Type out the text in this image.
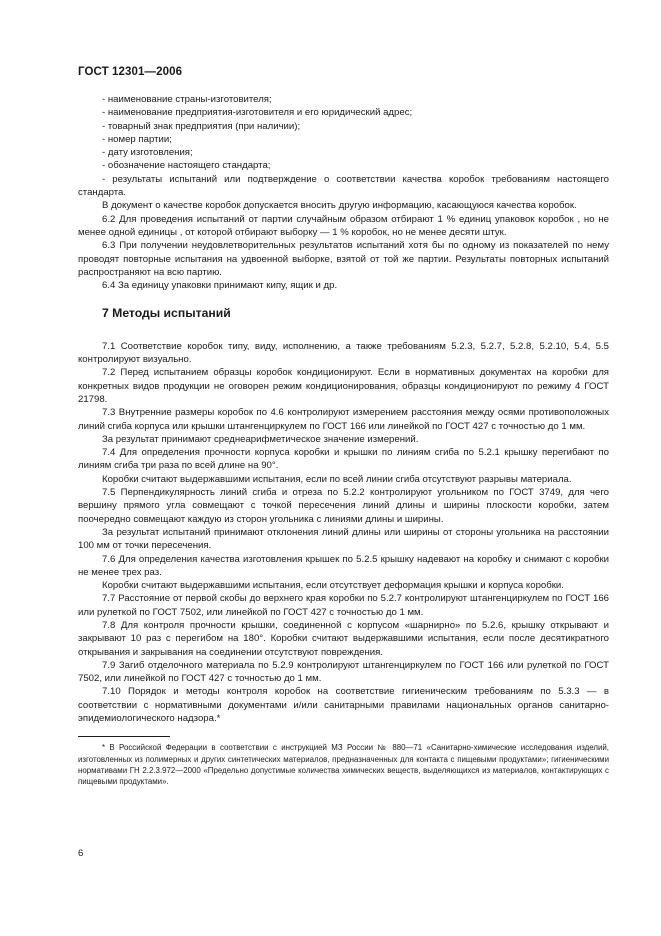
ГОСТ 12301—2006

- наименование страны-изготовителя;

- наименование предприятия-изготовителя и его юридический адрес;

- товарный знак предприятия (при наличии);

- номер партии;

- дату изготовления;

- обозначение настоящего стандарта;

- результаты испытаний или подтверждение о соответствии качества коробок требованиям настоящего стандарта.

В документ о качестве коробок допускается вносить другую информацию, касающуюся качества коробок.

6.2 Для проведения испытаний от партии случайным образом отбирают 1 % единиц упаковок коробок , но не менее одной единицы , от которой отбирают выборку — 1 % коробок, но не менее десяти штук.

6.3 При получении неудовлетворительных результатов испытаний хотя бы по одному из показателей по нему проводят повторные испытания на удвоенной выборке, взятой от той же партии. Результаты повторных испытаний распространяют на всю партию.

6.4 За единицу упаковки принимают кипу, ящик и др.

7 Методы испытаний

7.1 Соответствие коробок типу, виду, исполнению, а также требованиям 5.2.3, 5.2.7, 5.2.8, 5.2.10, 5.4, 5.5 контролируют визуально.

7.2 Перед испытанием образцы коробок кондиционируют. Если в нормативных документах на коробки для конкретных видов продукции не оговорен режим кондиционирования, образцы кондиционируют по режиму 4 ГОСТ 21798.

7.3 Внутренние размеры коробок по 4.6 контролируют измерением расстояния между осями противоположных линий сгиба корпуса или крышки штангенциркулем по ГОСТ 166 или линейкой по ГОСТ 427 с точностью до 1 мм.

За результат принимают среднеарифметическое значение измерений.

7.4 Для определения прочности корпуса коробки и крышки по линиям сгиба по 5.2.1 крышку перегибают по линиям сгиба три раза по всей длине на 90°.

Коробки считают выдержавшими испытания, если по всей линии сгиба отсутствуют разрывы материала.

7.5 Перпендикулярность линий сгиба и отреза по 5.2.2 контролируют угольником по ГОСТ 3749, для чего вершину прямого угла совмещают с точкой пересечения линий длины и ширины плоскости коробки, затем поочередно совмещают каждую из сторон угольника с линиями длины и ширины.

За результат испытаний принимают отклонения линий длины или ширины от стороны угольника на расстоянии 100 мм от точки пересечения.

7.6 Для определения качества изготовления крышек по 5.2.5 крышку надевают на коробку и снимают с коробки не менее трех раз.

Коробки считают выдержавшими испытания, если отсутствует деформация крышки и корпуса коробки.

7.7 Расстояние от первой скобы до верхнего края коробки по 5.2.7 контролируют штангенциркулем по ГОСТ 166 или рулеткой по ГОСТ 7502, или линейкой по ГОСТ 427 с точностью до 1 мм.

7.8 Для контроля прочности крышки, соединенной с корпусом «шарнирно» по 5.2.6, крышку открывают и закрывают 10 раз с перегибом на 180°. Коробки считают выдержавшими испытания, если после десятикратного открывания и закрывания на соединении отсутствуют повреждения.

7.9 Загиб отделочного материала по 5.2.9 контролируют штангенциркулем по ГОСТ 166 или рулеткой по ГОСТ 7502, или линейкой по ГОСТ 427 с точностью до 1 мм.

7.10 Порядок и методы контроля коробок на соответствие гигиеническим требованиям по 5.3.3 — в соответствии с нормативными документами и/или санитарными правилами национальных органов санитарно-эпидемиологического надзора.*

* В Российской Федерации в соответствии с инструкцией МЗ России № 880—71 «Санитарно-химические исследования изделий, изготовленных из полимерных и других синтетических материалов, предназначенных для контакта с пищевыми продуктами»; гигиеническими нормативами ГН 2.2.3.972—2000 «Предельно допустимые количества химических веществ, выделяющихся из материалов, контактирующих с пищевыми продуктами».

6
